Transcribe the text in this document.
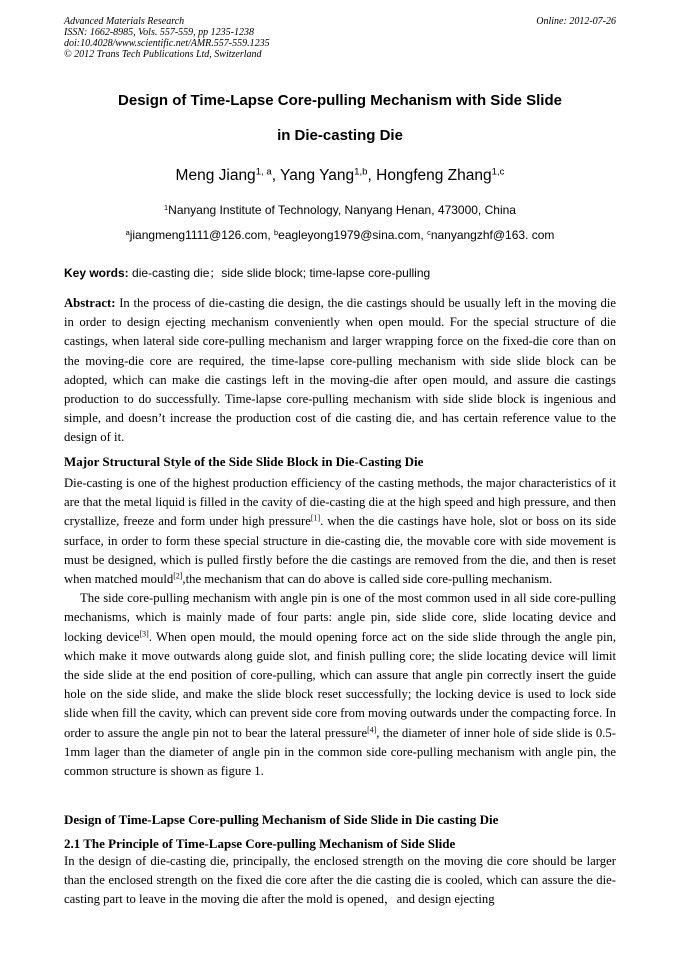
Advanced Materials Research
ISSN: 1662-8985, Vols. 557-559, pp 1235-1238
doi:10.4028/www.scientific.net/AMR.557-559.1235
© 2012 Trans Tech Publications Ltd, Switzerland
Online: 2012-07-26
Design of Time-Lapse Core-pulling Mechanism with Side Slide
in Die-casting Die
Meng Jiang$^{1, a}$, Yang Yang$^{1,b}$, Hongfeng Zhang$^{1,c}$
$^1$Nanyang Institute of Technology, Nanyang Henan, 473000, China
$^a$jiangmeng1111@126.com, $^b$eagleyong1979@sina.com, $^c$nanyangzhf@163. com
Key words: die-casting die；side slide block; time-lapse core-pulling

Abstract: In the process of die-casting die design, the die castings should be usually left in the moving die in order to design ejecting mechanism conveniently when open mould. For the special structure of die castings, when lateral side core-pulling mechanism and larger wrapping force on the fixed-die core than on the moving-die core are required, the time-lapse core-pulling mechanism with side slide block can be adopted, which can make die castings left in the moving-die after open mould, and assure die castings production to do successfully. Time-lapse core-pulling mechanism with side slide block is ingenious and simple, and doesn’t increase the production cost of die casting die, and has certain reference value to the design of it.

Major Structural Style of the Side Slide Block in Die-Casting Die

Die-casting is one of the highest production efficiency of the casting methods, the major characteristics of it are that the metal liquid is filled in the cavity of die-casting die at the high speed and high pressure, and then crystallize, freeze and form under high pressure[1]. when the die castings have hole, slot or boss on its side surface, in order to form these special structure in die-casting die, the movable core with side movement is must be designed, which is pulled firstly before the die castings are removed from the die, and then is reset when matched mould[2],the mechanism that can do above is called side core-pulling mechanism.

The side core-pulling mechanism with angle pin is one of the most common used in all side core-pulling mechanisms, which is mainly made of four parts: angle pin, side slide core, slide locating device and locking device[3]. When open mould, the mould opening force act on the side slide through the angle pin, which make it move outwards along guide slot, and finish pulling core; the slide locating device will limit the side slide at the end position of core-pulling, which can assure that angle pin correctly insert the guide hole on the side slide, and make the slide block reset successfully; the locking device is used to lock side slide when fill the cavity, which can prevent side core from moving outwards under the compacting force. In order to assure the angle pin not to bear the lateral pressure[4], the diameter of inner hole of side slide is 0.5-1mm lager than the diameter of angle pin in the common side core-pulling mechanism with angle pin, the common structure is shown as figure 1.

Design of Time-Lapse Core-pulling Mechanism of Side Slide in Die casting Die
2.1 The Principle of Time-Lapse Core-pulling Mechanism of Side Slide

In the design of die-casting die, principally, the enclosed strength on the moving die core should be larger than the enclosed strength on the fixed die core after the die casting die is cooled, which can assure the die-casting part to leave in the moving die after the mold is opened，and design ejecting
